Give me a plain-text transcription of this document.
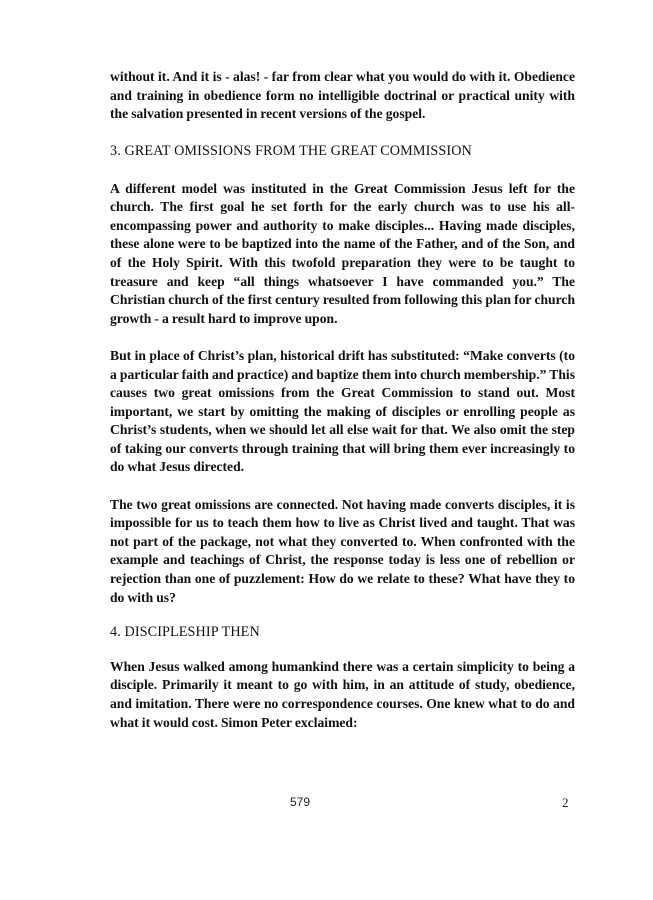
without it. And it is - alas! - far from clear what you would do with it. Obedience and training in obedience form no intelligible doctrinal or practical unity with the salvation presented in recent versions of the gospel.

3. GREAT OMISSIONS FROM THE GREAT COMMISSION

A different model was instituted in the Great Commission Jesus left for the church. The first goal he set forth for the early church was to use his all-encompassing power and authority to make disciples... Having made disciples, these alone were to be baptized into the name of the Father, and of the Son, and of the Holy Spirit. With this twofold preparation they were to be taught to treasure and keep “all things whatsoever I have commanded you.” The Christian church of the first century resulted from following this plan for church growth - a result hard to improve upon.

But in place of Christ’s plan, historical drift has substituted: “Make converts (to a particular faith and practice) and baptize them into church membership.” This causes two great omissions from the Great Commission to stand out. Most important, we start by omitting the making of disciples or enrolling people as Christ’s students, when we should let all else wait for that. We also omit the step of taking our converts through training that will bring them ever increasingly to do what Jesus directed.

The two great omissions are connected. Not having made converts disciples, it is impossible for us to teach them how to live as Christ lived and taught. That was not part of the package, not what they converted to. When confronted with the example and teachings of Christ, the response today is less one of rebellion or rejection than one of puzzlement: How do we relate to these? What have they to do with us?

4. DISCIPLESHIP THEN

When Jesus walked among humankind there was a certain simplicity to being a disciple. Primarily it meant to go with him, in an attitude of study, obedience, and imitation. There were no correspondence courses. One knew what to do and what it would cost. Simon Peter exclaimed:

579	2
